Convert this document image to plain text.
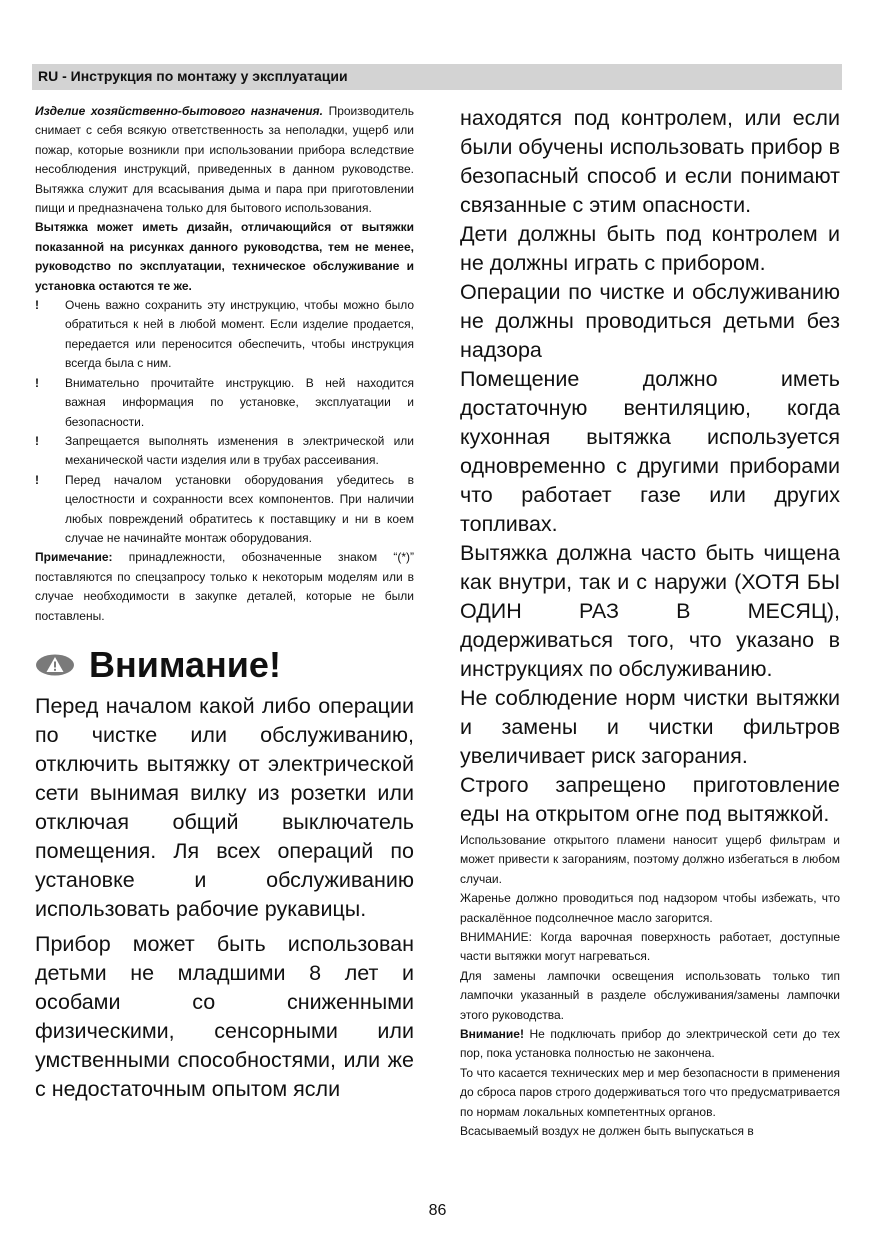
RU - Инструкция по монтажу у эксплуатации

Изделие хозяйственно-бытового назначения. Производитель снимает с себя всякую ответственность за неполадки, ущерб или пожар, которые возникли при использовании прибора вследствие несоблюдения инструкций, приведенных в данном руководстве. Вытяжка служит для всасывания дыма и пара при приготовлении пищи и предназначена только для бытового использования.

Вытяжка может иметь дизайн, отличающийся от вытяжки показанной на рисунках данного руководства, тем не менее, руководство по эксплуатации, техническое обслуживание и установка остаются те же.

! Очень важно сохранить эту инструкцию, чтобы можно было обратиться к ней в любой момент. Если изделие продается, передается или переносится обеспечить, чтобы инструкция всегда была с ним.
! Внимательно прочитайте инструкцию. В ней находится важная информация по установке, эксплуатации и безопасности.
! Запрещается выполнять изменения в электрической или механической части изделия или в трубах рассеивания.
! Перед началом установки оборудования убедитесь в целостности и сохранности всех компонентов. При наличии любых повреждений обратитесь к поставщику и ни в коем случае не начинайте монтаж оборудования.

Примечание: принадлежности, обозначенные знаком “(*)” поставляются по спецзапросу только к некоторым моделям или в случае необходимости в закупке деталей, которые не были поставлены.

Внимание!

Перед началом какой либо операции по чистке или обслуживанию, отключить вытяжку от электрической сети вынимая вилку из розетки или отключая общий выключатель помещения. Ля всех операций по установке и обслуживанию использовать рабочие рукавицы.

Прибор может быть использован детьми не младшими 8 лет и особами со сниженными физическими, сенсорными или умственными способностями, или же с недостаточным опытом ясли

находятся под контролем, или если были обучены использовать прибор в безопасный способ и если понимают связанные с этим опасности.

Дети должны быть под контролем и не должны играть с прибором.

Операции по чистке и обслуживанию не должны проводиться детьми без надзора

Помещение должно иметь достаточную вентиляцию, когда кухонная вытяжка используется одновременно с другими приборами что работает газе или других топливах.

Вытяжка должна часто быть чищена как внутри, так и с наружи (ХОТЯ БЫ ОДИН РАЗ В МЕСЯЦ), додерживаться того, что указано в инструкциях по обслуживанию.

Не соблюдение норм чистки вытяжки и замены и чистки фильтров увеличивает риск загорания.

Строго запрещено приготовление еды на открытом огне под вытяжкой.

Использование открытого пламени наносит ущерб фильтрам и может привести к загораниям, поэтому должно избегаться в любом случаи.

Жаренье должно проводиться под надзором чтобы избежать, что раскалённое подсолнечное масло загорится.

ВНИМАНИЕ: Когда варочная поверхность работает, доступные части вытяжки могут нагреваться.

Для замены лампочки освещения использовать только тип лампочки указанный в разделе обслуживания/замены лампочки этого руководства.

Внимание! Не подключать прибор до электрической сети до тех пор, пока установка полностью не закончена.

То что касается технических мер и мер безопасности в применения до сброса паров строго додерживаться того что предусматривается по нормам локальных компетентных органов.

Всасываемый воздух не должен быть выпускаться в

86
